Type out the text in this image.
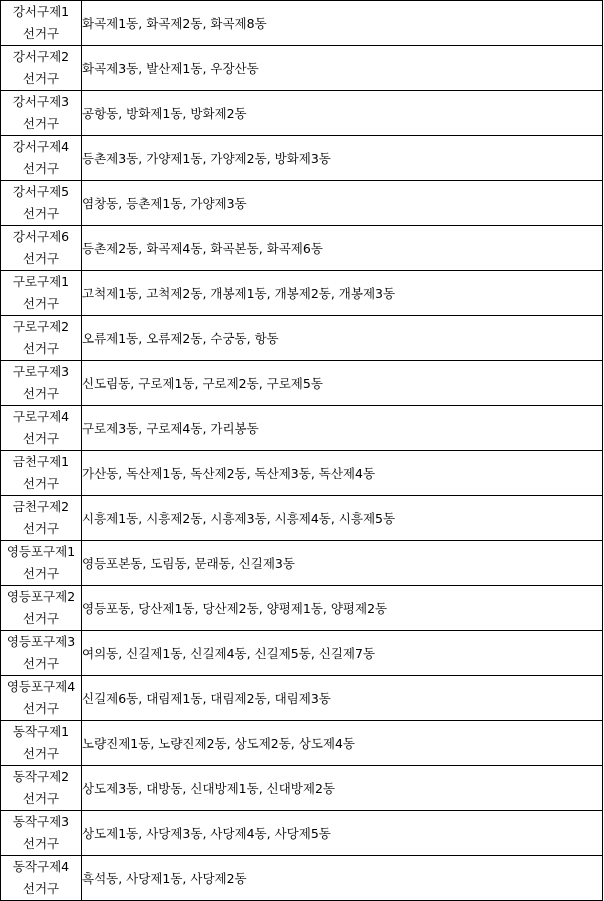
강서구제1
선거구	화곡제1동, 화곡제2동, 화곡제8동

강서구제2
선거구	화곡제3동, 발산제1동, 우장산동

강서구제3
선거구	공항동, 방화제1동, 방화제2동

강서구제4
선거구	등촌제3동, 가양제1동, 가양제2동, 방화제3동

강서구제5
선거구	염창동, 등촌제1동, 가양제3동

강서구제6
선거구	등촌제2동, 화곡제4동, 화곡본동, 화곡제6동

구로구제1
선거구	고척제1동, 고척제2동, 개봉제1동, 개봉제2동, 개봉제3동

구로구제2
선거구	오류제1동, 오류제2동, 수궁동, 항동

구로구제3
선거구	신도림동, 구로제1동, 구로제2동, 구로제5동

구로구제4
선거구	구로제3동, 구로제4동, 가리봉동

금천구제1
선거구	가산동, 독산제1동, 독산제2동, 독산제3동, 독산제4동

금천구제2
선거구	시흥제1동, 시흥제2동, 시흥제3동, 시흥제4동, 시흥제5동

영등포구제1
선거구	영등포본동, 도림동, 문래동, 신길제3동

영등포구제2
선거구	영등포동, 당산제1동, 당산제2동, 양평제1동, 양평제2동

영등포구제3
선거구	여의동, 신길제1동, 신길제4동, 신길제5동, 신길제7동

영등포구제4
선거구	신길제6동, 대림제1동, 대림제2동, 대림제3동

동작구제1
선거구	노량진제1동, 노량진제2동, 상도제2동, 상도제4동

동작구제2
선거구	상도제3동, 대방동, 신대방제1동, 신대방제2동

동작구제3
선거구	상도제1동, 사당제3동, 사당제4동, 사당제5동

동작구제4
선거구	흑석동, 사당제1동, 사당제2동
